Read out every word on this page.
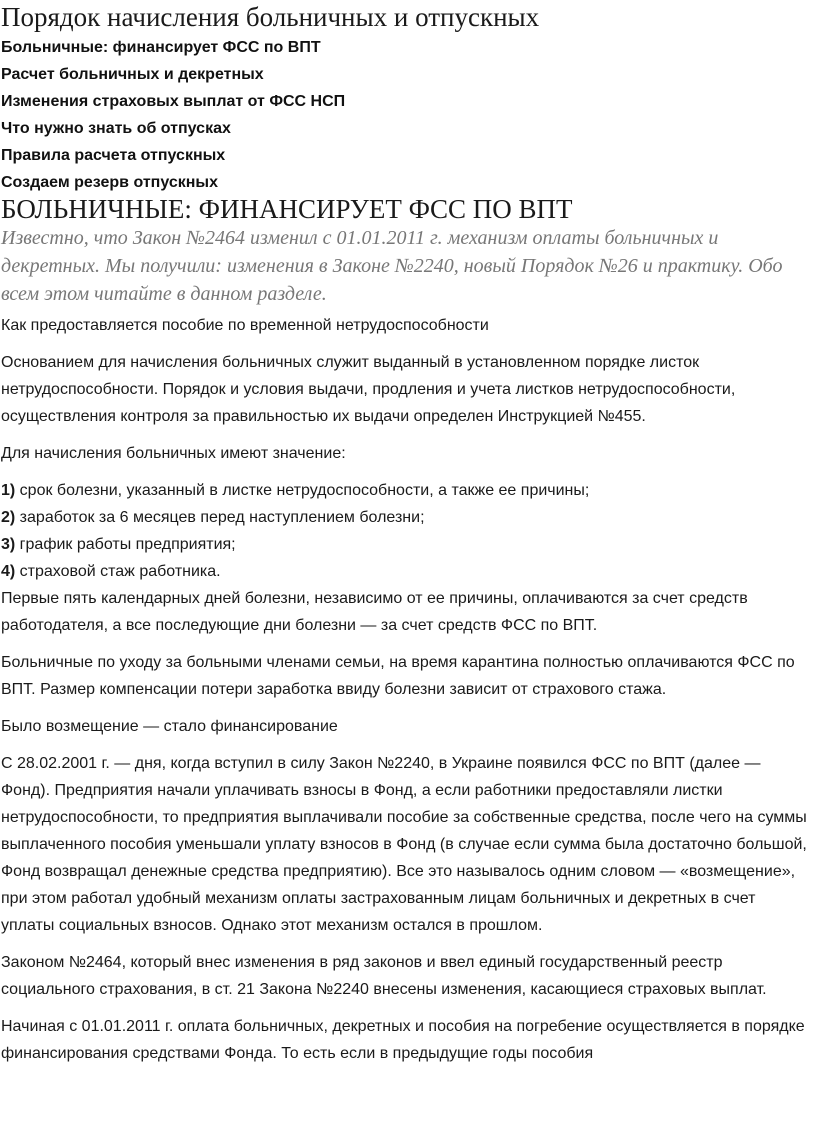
Порядок начисления больничных и отпускных
Больничные: финансирует ФСС по ВПТ
Расчет больничных и декретных
Изменения страховых выплат от ФСС НСП
Что нужно знать об отпусках
Правила расчета отпускных
Создаем резерв отпускных
БОЛЬНИЧНЫЕ: ФИНАНСИРУЕТ ФСС ПО ВПТ

Известно, что Закон №2464 изменил с 01.01.2011 г. механизм оплаты больничных и декретных. Мы получили: изменения в Законе №2240, новый Порядок №26 и практику. Обо всем этом читайте в данном разделе.

Как предоставляется пособие по временной нетрудоспособности

Основанием для начисления больничных служит выданный в установленном порядке листок нетрудоспособности. Порядок и условия выдачи, продления и учета листков нетрудоспособности, осуществления контроля за правильностью их выдачи определен Инструкцией №455.

Для начисления больничных имеют значение:

1) срок болезни, указанный в листке нетрудоспособности, а также ее причины;
2) заработок за 6 месяцев перед наступлением болезни;
3) график работы предприятия;
4) страховой стаж работника.

Первые пять календарных дней болезни, независимо от ее причины, оплачиваются за счет средств работодателя, а все последующие дни болезни — за счет средств ФСС по ВПТ.

Больничные по уходу за больными членами семьи, на время карантина полностью оплачиваются ФСС по ВПТ. Размер компенсации потери заработка ввиду болезни зависит от страхового стажа.

Было возмещение — стало финансирование

С 28.02.2001 г. — дня, когда вступил в силу Закон №2240, в Украине появился ФСС по ВПТ (далее — Фонд). Предприятия начали уплачивать взносы в Фонд, а если работники предоставляли листки нетрудоспособности, то предприятия выплачивали пособие за собственные средства, после чего на суммы выплаченного пособия уменьшали уплату взносов в Фонд (в случае если сумма была достаточно большой, Фонд возвращал денежные средства предприятию). Все это называлось одним словом — «возмещение», при этом работал удобный механизм оплаты застрахованным лицам больничных и декретных в счет уплаты социальных взносов. Однако этот механизм остался в прошлом.

Законом №2464, который внес изменения в ряд законов и ввел единый государственный реестр социального страхования, в ст. 21 Закона №2240 внесены изменения, касающиеся страховых выплат.

Начиная с 01.01.2011 г. оплата больничных, декретных и пособия на погребение осуществляется в порядке финансирования средствами Фонда. То есть если в предыдущие годы пособия
